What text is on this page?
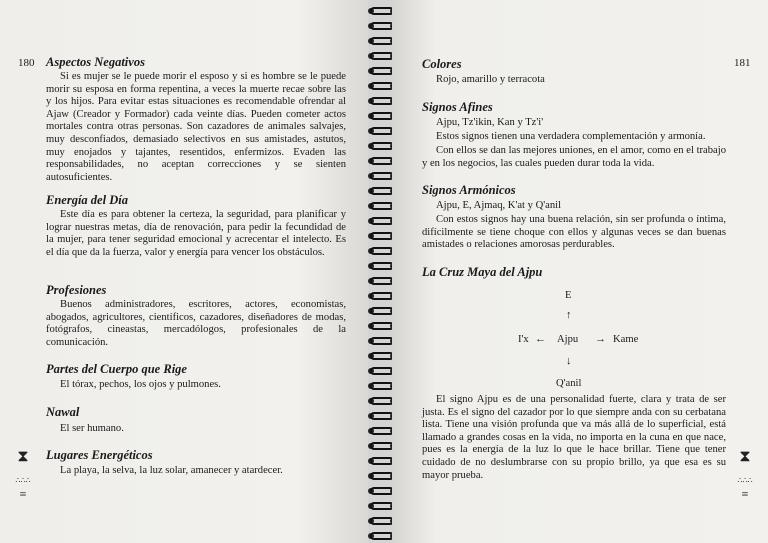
180 Aspectos Negativos

Si es mujer se le puede morir el esposo y si es hombre se le puede morir su esposa en forma repentina, a veces la muerte recae sobre las y los hijos. Para evitar estas situaciones es recomendable ofrendar al Ajaw (Creador y Formador) cada veinte días. Pueden cometer actos mortales contra otras personas. Son cazadores de animales salvajes, muy desconfiados, demasiado selectivos en sus amistades, astutos, muy enojados y tajantes, resentidos, enfermizos. Evaden las responsabilidades, no aceptan correcciones y se sienten autosuficientes.

Energía del Día

Este día es para obtener la certeza, la seguridad, para planificar y lograr nuestras metas, día de renovación, para pedir la fecundidad de la mujer, para tener seguridad emocional y acrecentar el intelecto. Es el día que da la fuerza, valor y energía para vencer los obstáculos.

Profesiones

Buenos administradores, escritores, actores, economistas, abogados, agricultores, científicos, cazadores, diseñadores de modas, fotógrafos, cineastas, mercadólogos, profesionales de la comunicación.

Partes del Cuerpo que Rige

El tórax, pechos, los ojos y pulmones.

Nawal

El ser humano.

Lugares Energéticos

La playa, la selva, la luz solar, amanecer y atardecer.

⧗
∴∴∴
≡
181
Colores

Rojo, amarillo y terracota

Signos Afines

Ajpu, Tz'ikin, Kan y Tz'i'

Estos signos tienen una verdadera complementación y armonía.

Con ellos se dan las mejores uniones, en el amor, como en el trabajo y en los negocios, las cuales pueden durar toda la vida.

Signos Armónicos

Ajpu, E, Ajmaq, K'at y Q'anil

Con estos signos hay una buena relación, sin ser profunda o íntima, difícilmente se tiene choque con ellos y algunas veces se dan buenas amistades o relaciones amorosas perdurables.

La Cruz Maya del Ajpu
E
↑
I'x ← Ajpu → Kame
↓
Q'anil

El signo Ajpu es de una personalidad fuerte, clara y trata de ser justa. Es el signo del cazador por lo que siempre anda con su cerbatana lista. Tiene una visión profunda que va más allá de lo superficial, está llamado a grandes cosas en la vida, no importa en la cuna en que nace, pues es la energía de la luz lo que le hace brillar. Tiene que tener cuidado de no deslumbrarse con su propio brillo, ya que esa es su mayor prueba.

⧗
∴∴∴
≡
